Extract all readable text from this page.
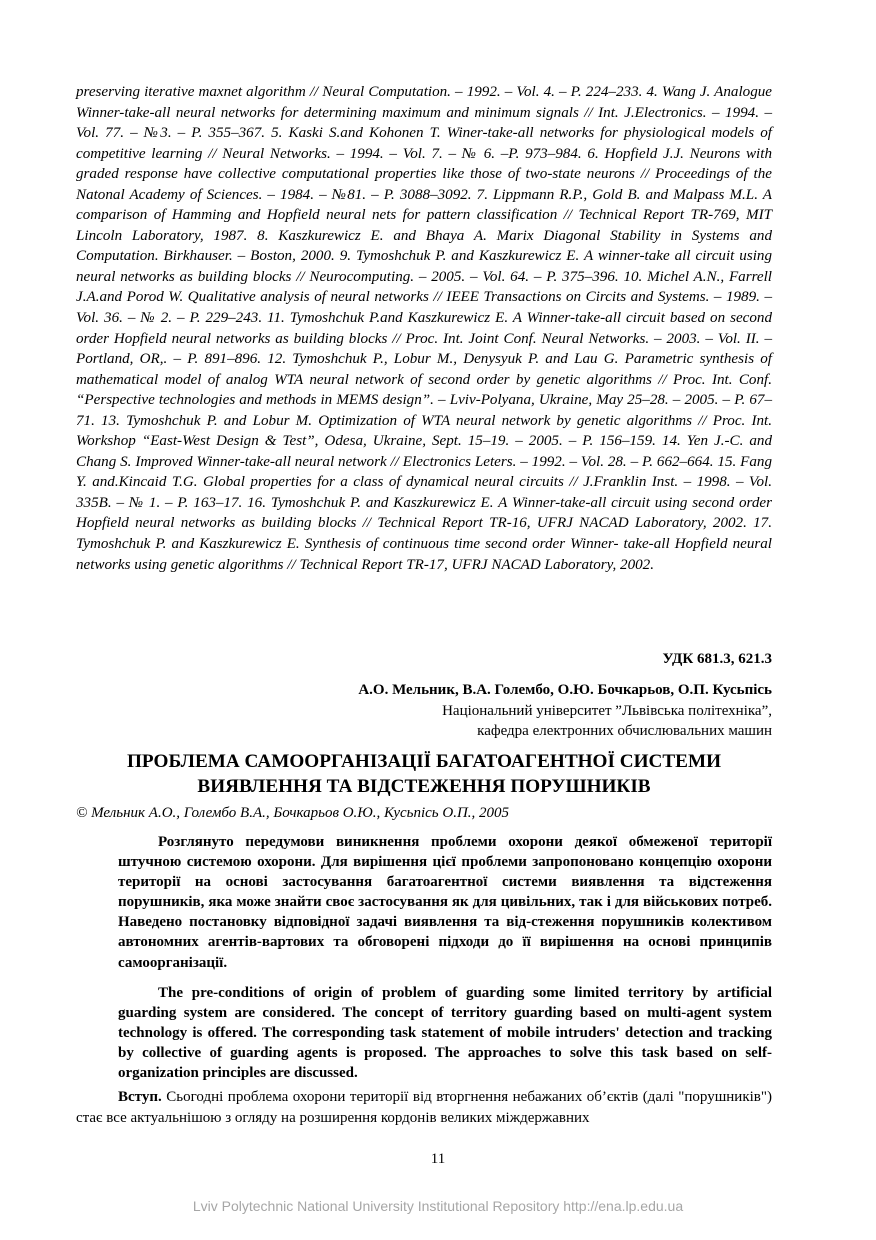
preserving iterative maxnet algorithm // Neural Computation. – 1992. – Vol. 4. – P. 224–233. 4. Wang J. Analogue Winner-take-all neural networks for determining maximum and minimum signals // Int. J.Electronics. – 1994. – Vol. 77. – №3. – P. 355–367. 5. Kaski S.and Kohonen T. Winer-take-all networks for physiological models of competitive learning // Neural Networks. – 1994. – Vol. 7. – № 6. –P. 973–984. 6. Hopfield J.J. Neurons with graded response have collective computational properties like those of two-state neurons // Proceedings of the Natonal Academy of Sciences. – 1984. – №81. – P. 3088–3092. 7. Lippmann R.P., Gold B. and Malpass M.L. A comparison of Hamming and Hopfield neural nets for pattern classification // Technical Report TR-769, MIT Lincoln Laboratory, 1987. 8. Kaszkurewicz E. and Bhaya A. Marix Diagonal Stability in Systems and Computation. Birkhauser. – Boston, 2000. 9. Tymoshchuk P. and Kaszkurewicz E. A winner-take all circuit using neural networks as building blocks // Neurocomputing. – 2005. – Vol. 64. – P. 375–396. 10. Michel A.N., Farrell J.A.and Porod W. Qualitative analysis of neural networks // IEEE Transactions on Circits and Systems. – 1989. – Vol. 36. – № 2. – P. 229–243. 11. Tymoshchuk P.and Kaszkurewicz E. A Winner-take-all circuit based on second order Hopfield neural networks as building blocks // Proc. Int. Joint Conf. Neural Networks. – 2003. – Vol. II. – Portland, OR,. – P. 891–896. 12. Tymoshchuk P., Lobur M., Denysyuk P. and Lau G. Parametric synthesis of mathematical model of analog WTA neural network of second order by genetic algorithms // Proc. Int. Conf. “Perspective technologies and methods in MEMS design”. – Lviv-Polyana, Ukraine, May 25–28. – 2005. – P. 67–71. 13. Tymoshchuk P. and Lobur M. Optimization of WTA neural network by genetic algorithms // Proc. Int. Workshop “East-West Design & Test”, Odesa, Ukraine, Sept. 15–19. – 2005. – P. 156–159. 14. Yen J.-C. and Chang S. Improved Winner-take-all neural network // Electronics Leters. – 1992. – Vol. 28. – P. 662–664. 15. Fang Y. and.Kincaid T.G. Global properties for a class of dynamical neural circuits // J.Franklin Inst. – 1998. – Vol. 335B. – № 1. – P. 163–17. 16. Tymoshchuk P. and Kaszkurewicz E. A Winner-take-all circuit using second order Hopfield neural networks as building blocks // Technical Report TR-16, UFRJ NACAD Laboratory, 2002. 17. Tymoshchuk P. and Kaszkurewicz E. Synthesis of continuous time second order Winner- take-all Hopfield neural networks using genetic algorithms // Technical Report TR-17, UFRJ NACAD Laboratory, 2002.

УДК 681.3, 621.3

А.О. Мельник, В.А. Голембо, О.Ю. Бочкарьов, О.П. Кусьпісь
Національний університет ”Львівська політехніка”,
кафедра електронних обчислювальних машин
ПРОБЛЕМА САМООРГАНІЗАЦІЇ БАГАТОАГЕНТНОЇ СИСТЕМИ
ВИЯВЛЕННЯ ТА ВІДСТЕЖЕННЯ ПОРУШНИКІВ

© Мельник А.О., Голембо В.А., Бочкарьов О.Ю., Кусьпісь О.П., 2005

Розглянуто передумови виникнення проблеми охорони деякої обмеженої території штучною системою охорони. Для вирішення цієї проблеми запропоновано концепцію охорони території на основі застосування багатоагентної системи виявлення та відстеження порушників, яка може знайти своє застосування як для цивільних, так і для військових потреб. Наведено постановку відповідної задачі виявлення та від-стеження порушників колективом автономних агентів-вартових та обговорені підходи до її вирішення на основі принципів самоорганізації.

The pre-conditions of origin of problem of guarding some limited territory by artificial guarding system are considered. The concept of territory guarding based on multi-agent system technology is offered. The corresponding task statement of mobile intruders' detection and tracking by collective of guarding agents is proposed. The approaches to solve this task based on self-organization principles are discussed.

Вступ. Сьогодні проблема охорони території від вторгнення небажаних об’єктів (далі "порушників") стає все актуальнішою з огляду на розширення кордонів великих міждержавних

11

Lviv Polytechnic National University Institutional Repository http://ena.lp.edu.ua
